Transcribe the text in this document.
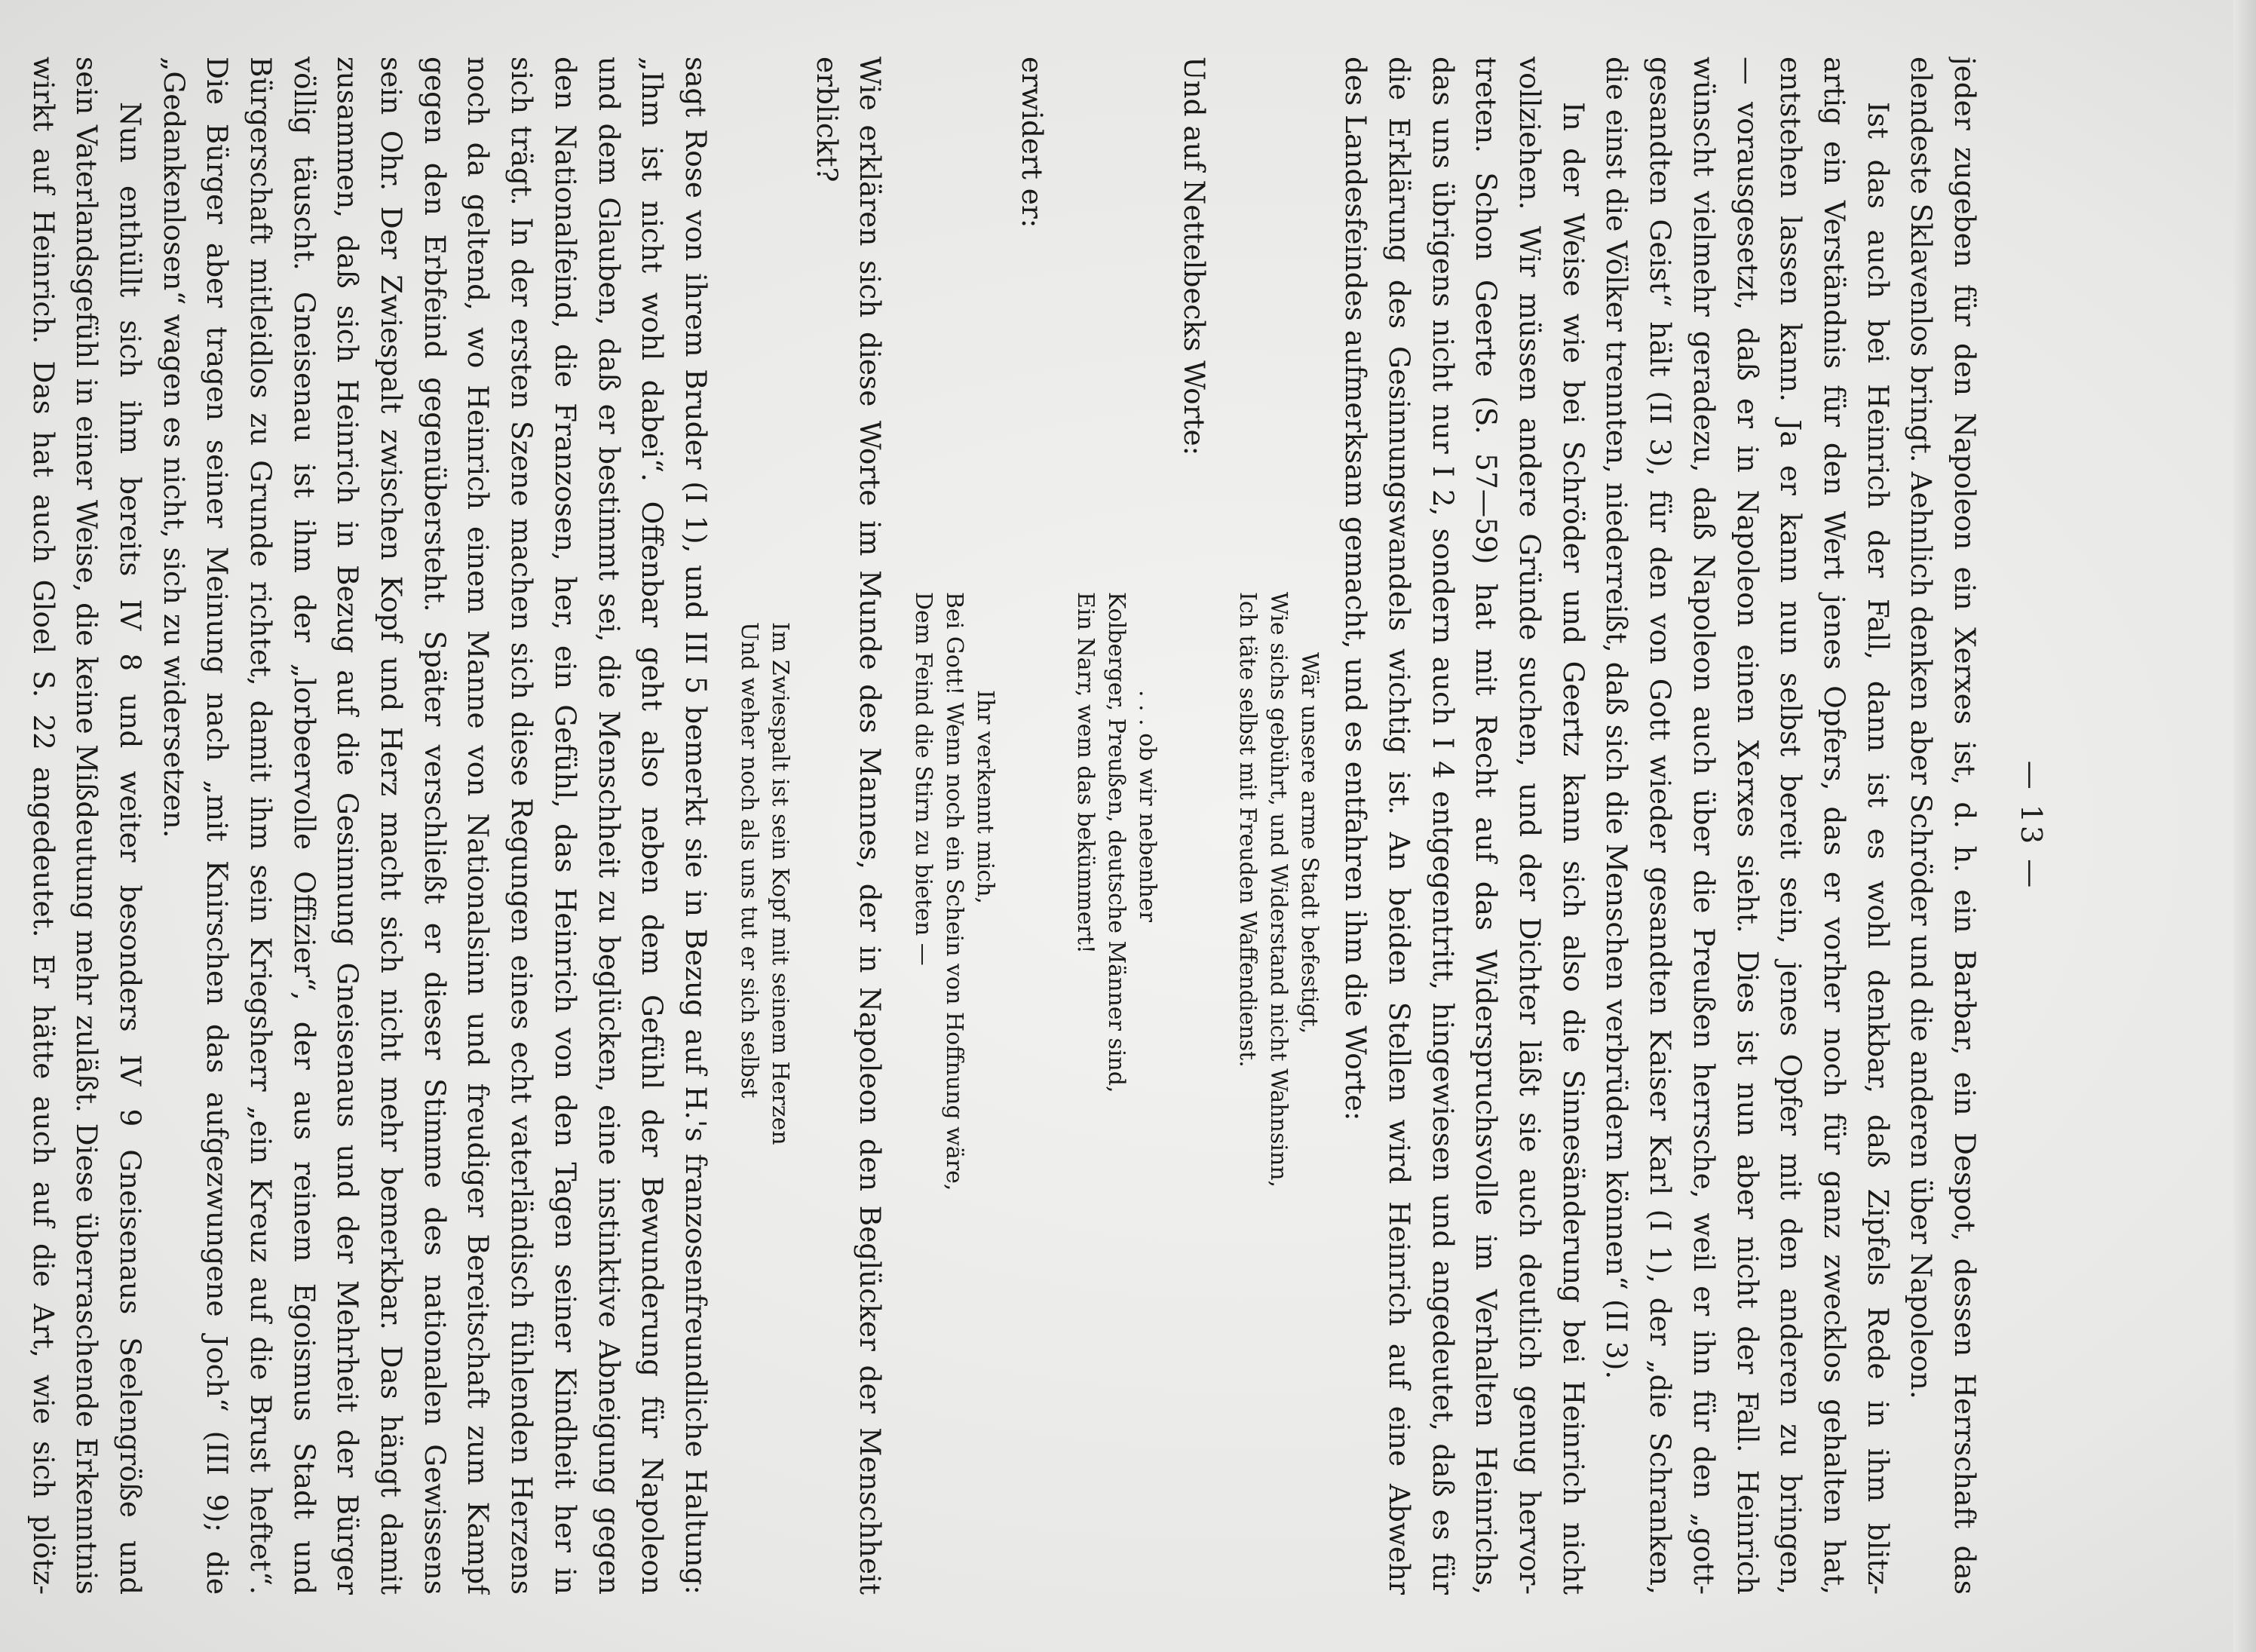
— 13 —
jeder zugeben für den Napoleon ein Xerxes ist, d. h. ein Barbar, ein Despot, dessen Herrschaft das
elendeste Sklavenlos bringt. Aehnlich denken aber Schröder und die anderen über Napoleon.
Ist das auch bei Heinrich der Fall, dann ist es wohl denkbar, daß Zipfels Rede in ihm blitz-
artig ein Verständnis für den Wert jenes Opfers, das er vorher noch für ganz zwecklos gehalten hat,
entstehen lassen kann. Ja er kann nun selbst bereit sein, jenes Opfer mit den anderen zu bringen,
— vorausgesetzt, daß er in Napoleon einen Xerxes sieht. Dies ist nun aber nicht der Fall. Heinrich
wünscht vielmehr geradezu, daß Napoleon auch über die Preußen herrsche, weil er ihn für den „gott-
gesandten Geist“ hält (II 3), für den von Gott wieder gesandten Kaiser Karl (I 1), der „die Schranken,
die einst die Völker trennten, niederreißt, daß sich die Menschen verbrüdern können“ (II 3).
In der Weise wie bei Schröder und Geertz kann sich also die Sinnesänderung bei Heinrich nicht
vollziehen. Wir müssen andere Gründe suchen, und der Dichter läßt sie auch deutlich genug hervor-
treten. Schon Geerte (S. 57—59) hat mit Recht auf das Widerspruchsvolle im Verhalten Heinrichs,
das uns übrigens nicht nur I 2, sondern auch I 4 entgegentritt, hingewiesen und angedeutet, daß es für
die Erklärung des Gesinnungswandels wichtig ist. An beiden Stellen wird Heinrich auf eine Abwehr
des Landesfeindes aufmerksam gemacht, und es entfahren ihm die Worte:
Wär unsere arme Stadt befestigt,
Wie sichs gebührt, und Widerstand nicht Wahnsinn,
Ich täte selbst mit Freuden Waffendienst.
Und auf Nettelbecks Worte:
. . . ob wir nebenher
Kolberger, Preußen, deutsche Männer sind,
Ein Narr, wem das bekümmert!
erwidert er:
Ihr verkennt mich,
Bei Gott! Wenn noch ein Schein von Hoffnung wäre,
Dem Feind die Stirn zu bieten —
Wie erklären sich diese Worte im Munde des Mannes, der in Napoleon den Beglücker der Menschheit
erblickt?
Im Zwiespalt ist sein Kopf mit seinem Herzen
Und weher noch als uns tut er sich selbst
sagt Rose von ihrem Bruder (I 1), und III 5 bemerkt sie in Bezug auf H.'s franzosenfreundliche Haltung:
„Ihm ist nicht wohl dabei“. Offenbar geht also neben dem Gefühl der Bewunderung für Napoleon
und dem Glauben, daß er bestimmt sei, die Menschheit zu beglücken, eine instinktive Abneigung gegen
den Nationalfeind, die Franzosen, her, ein Gefühl, das Heinrich von den Tagen seiner Kindheit her in
sich trägt. In der ersten Szene machen sich diese Regungen eines echt vaterländisch fühlenden Herzens
noch da geltend, wo Heinrich einem Manne von Nationalsinn und freudiger Bereitschaft zum Kampf
gegen den Erbfeind gegenübersteht. Später verschließt er dieser Stimme des nationalen Gewissens
sein Ohr. Der Zwiespalt zwischen Kopf und Herz macht sich nicht mehr bemerkbar. Das hängt damit
zusammen, daß sich Heinrich in Bezug auf die Gesinnung Gneisenaus und der Mehrheit der Bürger
völlig täuscht. Gneisenau ist ihm der „lorbeervolle Offizier“, der aus reinem Egoismus Stadt und
Bürgerschaft mitleidlos zu Grunde richtet, damit ihm sein Kriegsherr „ein Kreuz auf die Brust heftet“.
Die Bürger aber tragen seiner Meinung nach „mit Knirschen das aufgezwungene Joch“ (III 9); die
„Gedankenlosen“ wagen es nicht, sich zu widersetzen.
Nun enthüllt sich ihm bereits IV 8 und weiter besonders IV 9 Gneisenaus Seelengröße und
sein Vaterlandsgefühl in einer Weise, die keine Mißdeutung mehr zuläßt. Diese überraschende Erkenntnis
wirkt auf Heinrich. Das hat auch Gloel S. 22 angedeutet. Er hätte auch auf die Art, wie sich plötz-
